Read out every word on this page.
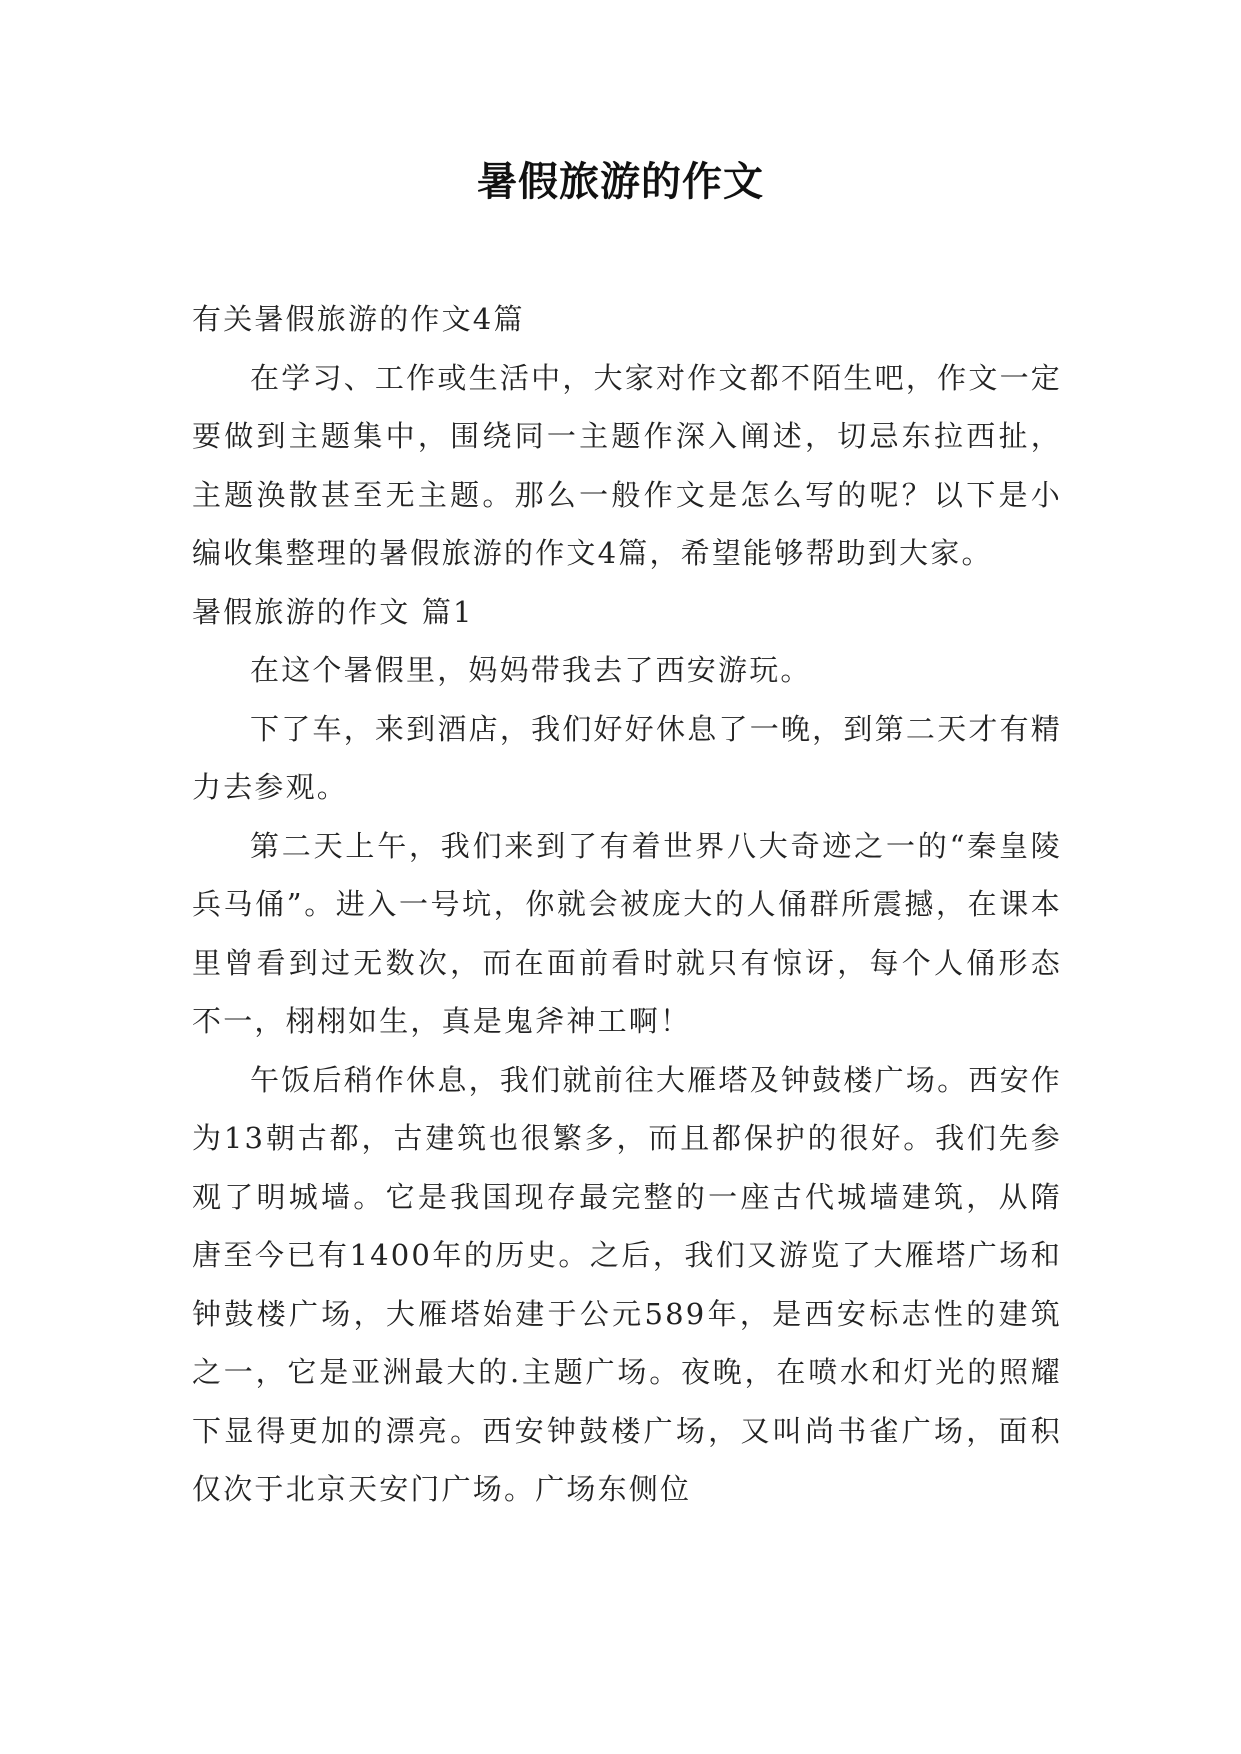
暑假旅游的作文

有关暑假旅游的作文4篇

在学习、工作或生活中，大家对作文都不陌生吧，作文一定要做到主题集中，围绕同一主题作深入阐述，切忌东拉西扯，主题涣散甚至无主题。那么一般作文是怎么写的呢？以下是小编收集整理的暑假旅游的作文4篇，希望能够帮助到大家。

暑假旅游的作文 篇1

在这个暑假里，妈妈带我去了西安游玩。

下了车，来到酒店，我们好好休息了一晚，到第二天才有精力去参观。

第二天上午，我们来到了有着世界八大奇迹之一的“秦皇陵兵马俑”。进入一号坑，你就会被庞大的人俑群所震撼，在课本里曾看到过无数次，而在面前看时就只有惊讶，每个人俑形态不一，栩栩如生，真是鬼斧神工啊！

午饭后稍作休息，我们就前往大雁塔及钟鼓楼广场。西安作为13朝古都，古建筑也很繁多，而且都保护的很好。我们先参观了明城墙。它是我国现存最完整的一座古代城墙建筑，从隋唐至今已有1400年的历史。之后，我们又游览了大雁塔广场和钟鼓楼广场，大雁塔始建于公元589年，是西安标志性的建筑之一，它是亚洲最大的.主题广场。夜晚，在喷水和灯光的照耀下显得更加的漂亮。西安钟鼓楼广场，又叫尚书雀广场，面积仅次于北京天安门广场。广场东侧位
